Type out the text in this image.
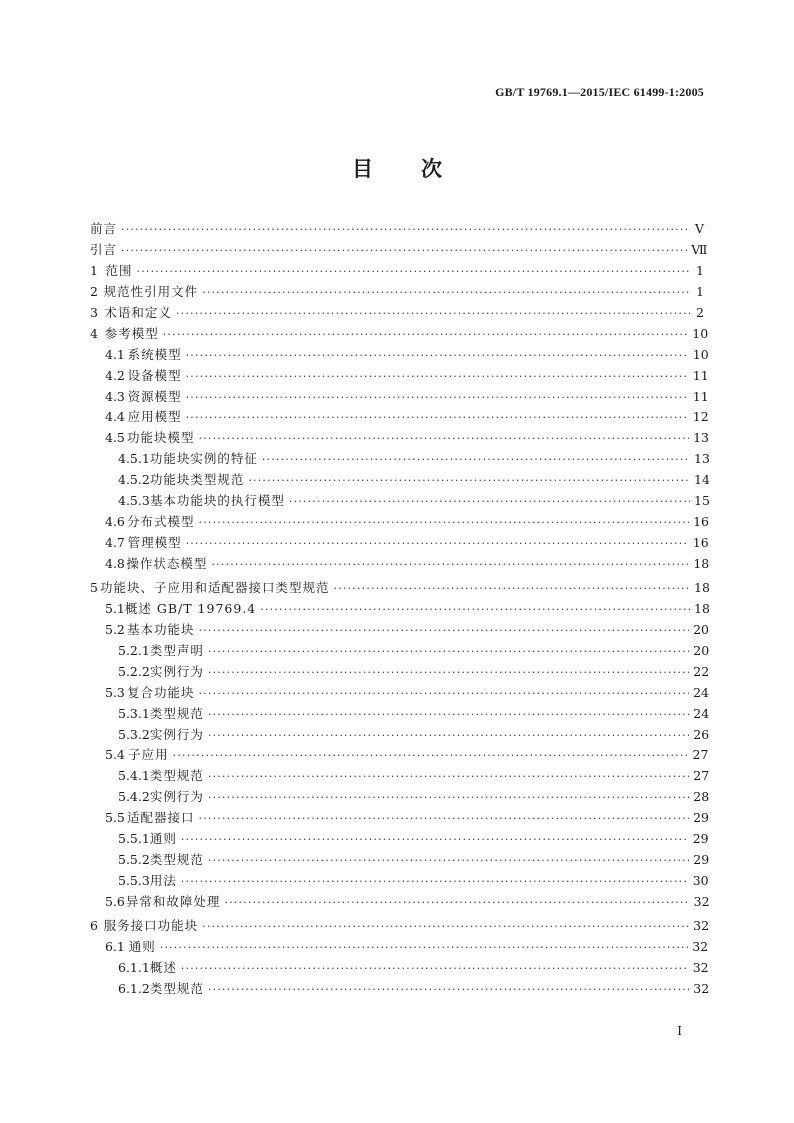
GB/T 19769.1—2015/IEC 61499-1:2005
目次
前言 ·····	Ⅴ
引言 ·····	Ⅶ
1 范围 ·····	1
2 规范性引用文件 ·····	1
3 术语和定义 ·····	2
4 参考模型 ·····	10
4.1 系统模型 ·····	10
4.2 设备模型 ·····	11
4.3 资源模型 ·····	11
4.4 应用模型 ·····	12
4.5 功能块模型 ·····	13
4.5.1 功能块实例的特征 ·····	13
4.5.2 功能块类型规范 ·····	14
4.5.3 基本功能块的执行模型 ·····	15
4.6 分布式模型 ·····	16
4.7 管理模型 ·····	16
4.8 操作状态模型 ·····	18
5 功能块、子应用和适配器接口类型规范 ·····	18
5.1 概述 GB/T 19769.4 ·····	18
5.2 基本功能块 ·····	20
5.2.1 类型声明 ·····	20
5.2.2 实例行为 ·····	22
5.3 复合功能块 ·····	24
5.3.1 类型规范 ·····	24
5.3.2 实例行为 ·····	26
5.4 子应用 ·····	27
5.4.1 类型规范 ·····	27
5.4.2 实例行为 ·····	28
5.5 适配器接口 ·····	29
5.5.1 通则 ·····	29
5.5.2 类型规范 ·····	29
5.5.3 用法 ·····	30
5.6 异常和故障处理 ·····	32
6 服务接口功能块 ·····	32
6.1 通则 ·····	32
6.1.1 概述 ·····	32
6.1.2 类型规范 ·····	32
Ⅰ
